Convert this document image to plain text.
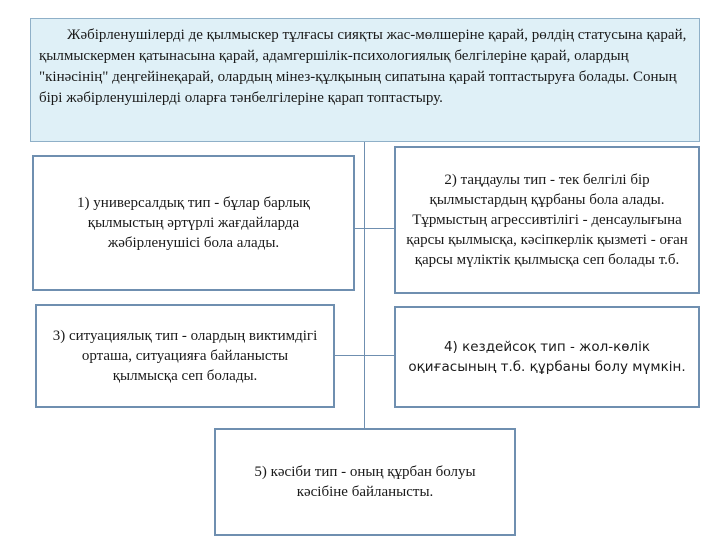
Жәбірленушілерді де қылмыскер тұлғасы сияқты жас-мөлшеріне қарай, рөлдің статусына қарай, қылмыскермен қатынасына қарай, адамгершілік-психологиялық белгілеріне қарай, олардың "кінәсінің" деңгейінеқарай, олардың мінез-құлқының сипатына қарай топтастыруға болады. Соның бірі жәбірленушілерді оларға тәнбелгілеріне қарап топтастыру.
1) универсалдық тип - бұлар барлық қылмыстың әртүрлі жағдайларда жәбірленушісі бола алады.
2) таңдаулы тип - тек белгілі бір қылмыстардың құрбаны бола алады. Тұрмыстың агрессивтілігі - денсаулығына қарсы қылмысқа, кәсіпкерлік қызметі - оған қарсы мүліктік қылмысқа сеп болады т.б.
3) ситуациялық тип - олардың виктимдігі орташа, ситуацияға байланысты қылмысқа сеп болады.
4) кездейсоқ тип - жол-көлік оқиғасының т.б. құрбаны болу мүмкін.
5) кәсіби тип - оның құрбан болуы кәсібіне байланысты.
